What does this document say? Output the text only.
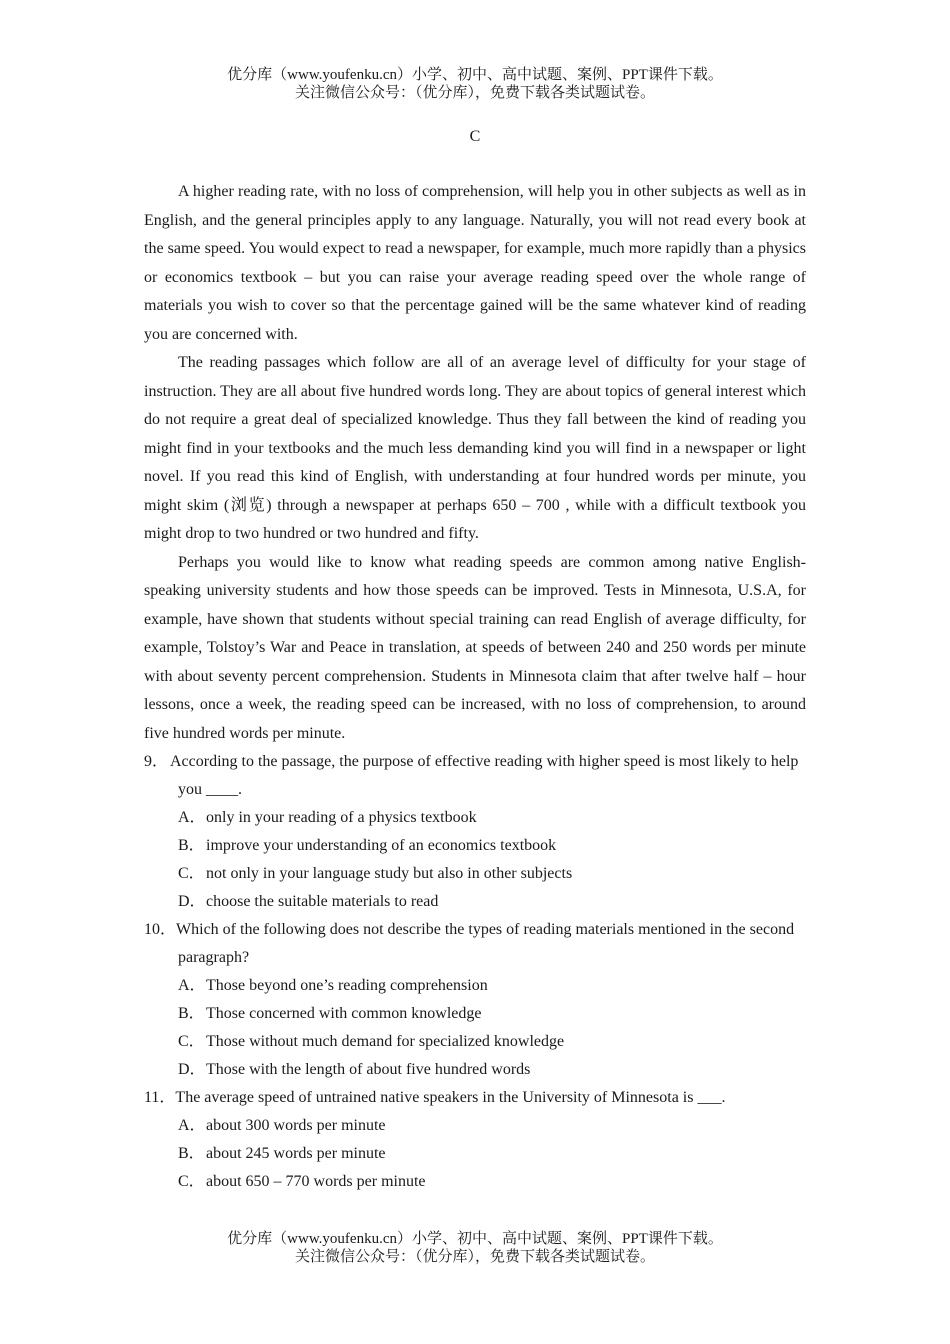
优分库（www.youfenku.cn）小学、初中、高中试题、案例、PPT课件下载。
关注微信公众号：（优分库），免费下载各类试题试卷。
C

A higher reading rate, with no loss of comprehension, will help you in other subjects as well as in English, and the general principles apply to any language. Naturally, you will not read every book at the same speed. You would expect to read a newspaper, for example, much more rapidly than a physics or economics textbook – but you can raise your average reading speed over the whole range of materials you wish to cover so that the percentage gained will be the same whatever kind of reading you are concerned with.

The reading passages which follow are all of an average level of difficulty for your stage of instruction. They are all about five hundred words long. They are about topics of general interest which do not require a great deal of specialized knowledge. Thus they fall between the kind of reading you might find in your textbooks and the much less demanding kind you will find in a newspaper or light novel. If you read this kind of English, with understanding at four hundred words per minute, you might skim (浏览) through a newspaper at perhaps 650 – 700 , while with a difficult textbook you might drop to two hundred or two hundred and fifty.

Perhaps you would like to know what reading speeds are common among native English-speaking university students and how those speeds can be improved. Tests in Minnesota, U.S.A, for example, have shown that students without special training can read English of average difficulty, for example, Tolstoy’s War and Peace in translation, at speeds of between 240 and 250 words per minute with about seventy percent comprehension. Students in Minnesota claim that after twelve half – hour lessons, once a week, the reading speed can be increased, with no loss of comprehension, to around five hundred words per minute.

9． According to the passage, the purpose of effective reading with higher speed is most likely to help you ____.
A．only in your reading of a physics textbook
B．improve your understanding of an economics textbook
C．not only in your language study but also in other subjects
D．choose the suitable materials to read
10．Which of the following does not describe the types of reading materials mentioned in the second paragraph?
A．Those beyond one’s reading comprehension
B．Those concerned with common knowledge
C．Those without much demand for specialized knowledge
D．Those with the length of about five hundred words
11．The average speed of untrained native speakers in the University of Minnesota is ___.
A．about 300 words per minute
B．about 245 words per minute
C．about 650 – 770 words per minute
优分库（www.youfenku.cn）小学、初中、高中试题、案例、PPT课件下载。
关注微信公众号：（优分库），免费下载各类试题试卷。
